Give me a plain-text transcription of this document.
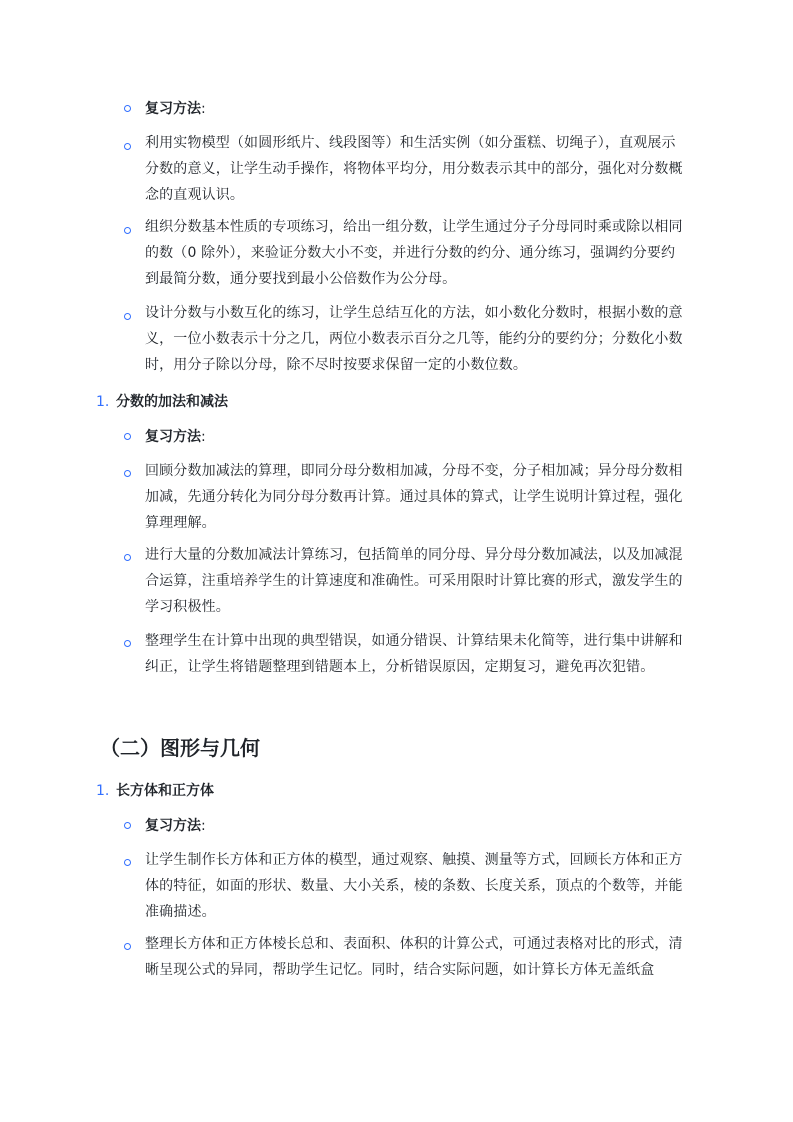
复习方法:
利用实物模型（如圆形纸片、线段图等）和生活实例（如分蛋糕、切绳子），直观展示分数的意义，让学生动手操作，将物体平均分，用分数表示其中的部分，强化对分数概念的直观认识。
组织分数基本性质的专项练习，给出一组分数，让学生通过分子分母同时乘或除以相同的数（0 除外），来验证分数大小不变，并进行分数的约分、通分练习，强调约分要约到最简分数，通分要找到最小公倍数作为公分母。
设计分数与小数互化的练习，让学生总结互化的方法，如小数化分数时，根据小数的意义，一位小数表示十分之几，两位小数表示百分之几等，能约分的要约分；分数化小数时，用分子除以分母，除不尽时按要求保留一定的小数位数。
1. 分数的加法和减法
复习方法:
回顾分数加减法的算理，即同分母分数相加减，分母不变，分子相加减；异分母分数相加减，先通分转化为同分母分数再计算。通过具体的算式，让学生说明计算过程，强化算理理解。
进行大量的分数加减法计算练习，包括简单的同分母、异分母分数加减法，以及加减混合运算，注重培养学生的计算速度和准确性。可采用限时计算比赛的形式，激发学生的学习积极性。
整理学生在计算中出现的典型错误，如通分错误、计算结果未化简等，进行集中讲解和纠正，让学生将错题整理到错题本上，分析错误原因，定期复习，避免再次犯错。
（二）图形与几何
1. 长方体和正方体
复习方法:
让学生制作长方体和正方体的模型，通过观察、触摸、测量等方式，回顾长方体和正方体的特征，如面的形状、数量、大小关系，棱的条数、长度关系，顶点的个数等，并能准确描述。
整理长方体和正方体棱长总和、表面积、体积的计算公式，可通过表格对比的形式，清晰呈现公式的异同，帮助学生记忆。同时，结合实际问题，如计算长方体无盖纸盒
